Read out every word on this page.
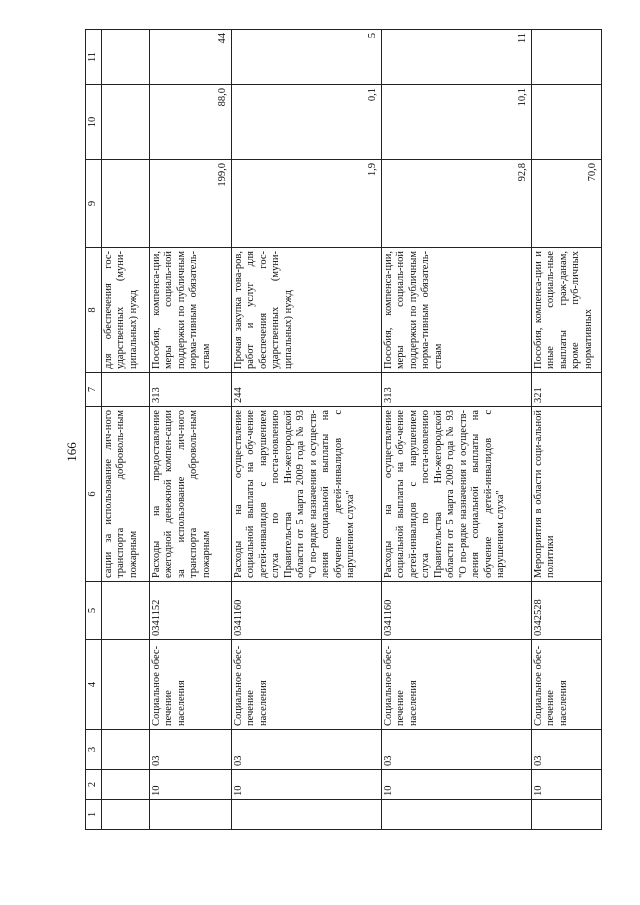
166
1	2	3	4	5	6	7	8	9	10	11
					сации за использование лич-ного транспорта доброволь-ным пожарным		для обеспечения гос-ударственных (муни-ципальных) нужд			
	10	03	Социальное обес-печение населения	0341152	Расходы на предоставление ежегодной денежной компен-сации за использование лич-ного транспорта доброволь-ным пожарным	313	Пособия, компенса-ции, меры социаль-ной поддержки по публичным норма-тивным обязатель-ствам	199,0	88,0	44
	10	03	Социальное обес-печение населения	0341160	Расходы на осуществление социальной выплаты на обу-чение детей-инвалидов с нарушением слуха по поста-новлению Правительства Ни-жегородской области от 5 марта 2009 года № 93 "О по-рядке назначения и осуществ-ления социальной выплаты на обучение детей-инвалидов с нарушением слуха"	244	Прочая закупка това-ров, работ и услуг для обеспечения гос-ударственных (муни-ципальных) нужд	1,9	0,1	5
	10	03	Социальное обес-печение населения	0341160	Расходы на осуществление социальной выплаты на обу-чение детей-инвалидов с нарушением слуха по поста-новлению Правительства Ни-жегородской области от 5 марта 2009 года № 93 "О по-рядке назначения и осуществ-ления социальной выплаты на обучение детей-инвалидов с нарушением слуха"	313	Пособия, компенса-ции, меры социаль-ной поддержки по публичным норма-тивным обязатель-ствам	92,8	10,1	11
	10	03	Социальное обес-печение населения	0342528	Мероприятия в области соци-альной политики	321	Пособия, компенса-ции и иные социаль-ные выплаты граж-данам, кроме пуб-личных нормативных	70,0		
